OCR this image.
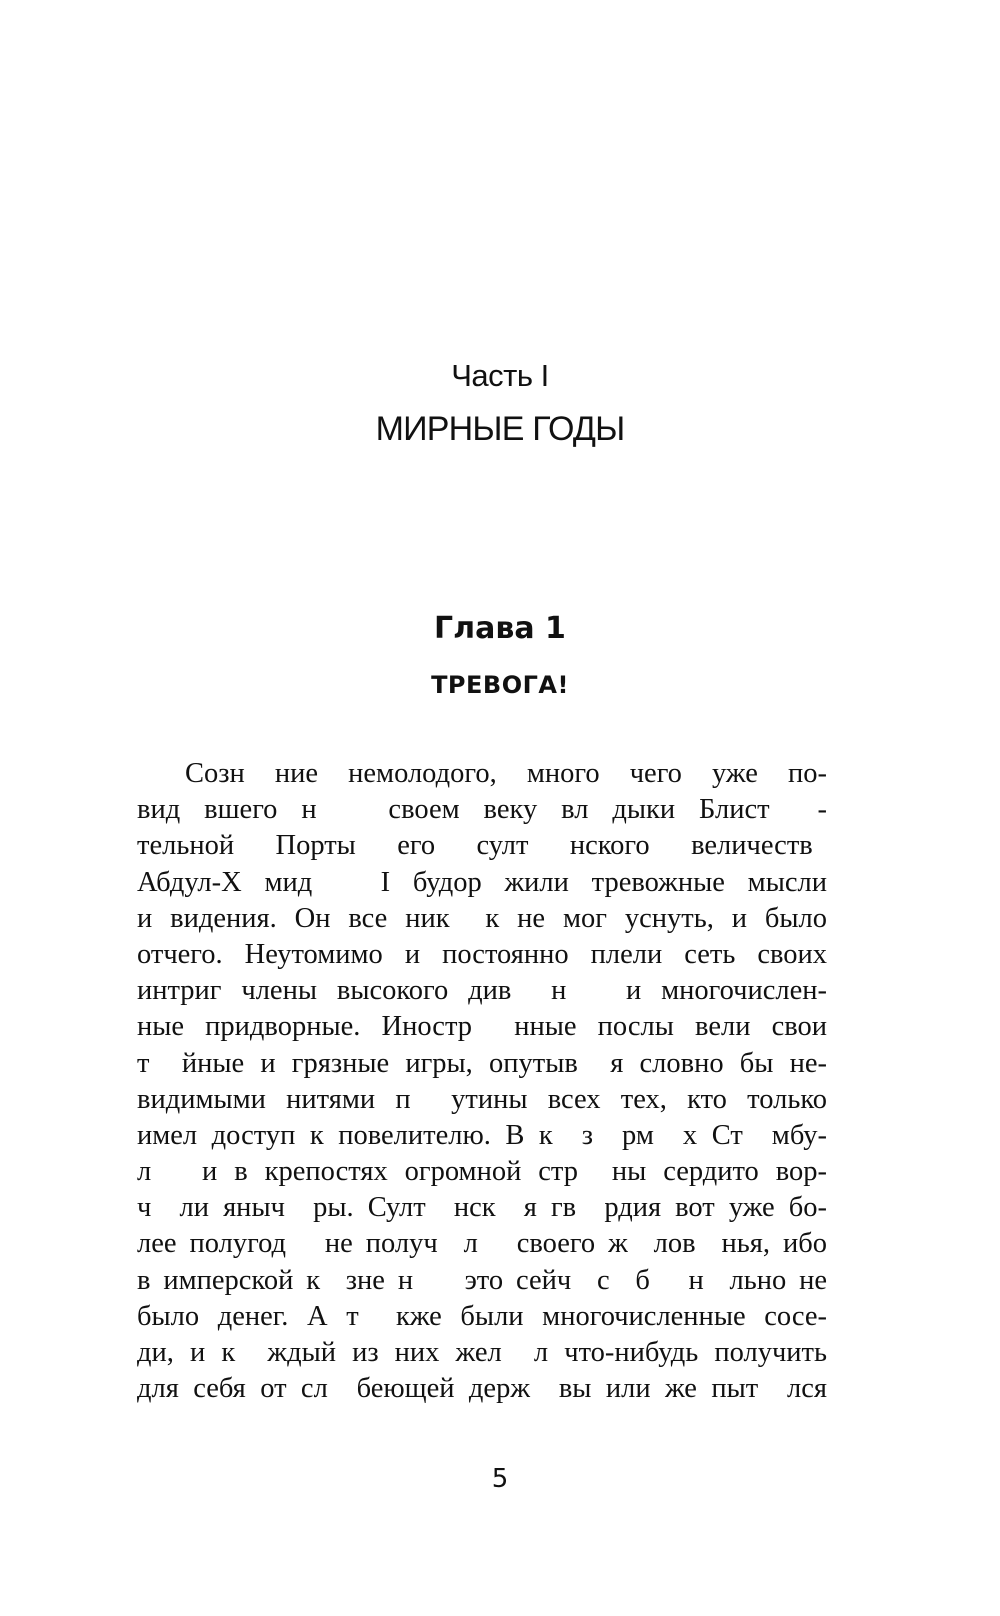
Часть I
МИРНЫЕ ГОДЫ
Глава 1
ТРЕВОГА!
Созн ние немолодого, много чего уже по-
вид вшего н   своем веку вл дыки Блист  -
тельной Порты его султ нского величеств
Абдул-Х мид   I будор жили тревожные мысли
и видения. Он все ник  к не мог уснуть, и было
отчего. Неутомимо и постоянно плели сеть своих
интриг члены высокого див  н   и многочислен-
ные придворные. Иностр  нные послы вели свои
т  йные и грязные игры, опутыв  я словно бы не-
видимыми нитями п  утины всех тех, кто только
имел доступ к повелителю. В к  з  рм  х Ст  мбу-
л   и в крепостях огромной стр  ны сердито вор-
ч  ли яныч  ры. Султ  нск  я гв  рдия вот уже бо-
лее полугод   не получ  л   своего ж  лов  нья, ибо
в имперской к  зне н    это сейч  с  б   н  льно не
было денег. А т  кже были многочисленные сосе-
ди, и к  ждый из них жел  л что-нибудь получить
для себя от сл  беющей держ  вы или же пыт  лся
5
